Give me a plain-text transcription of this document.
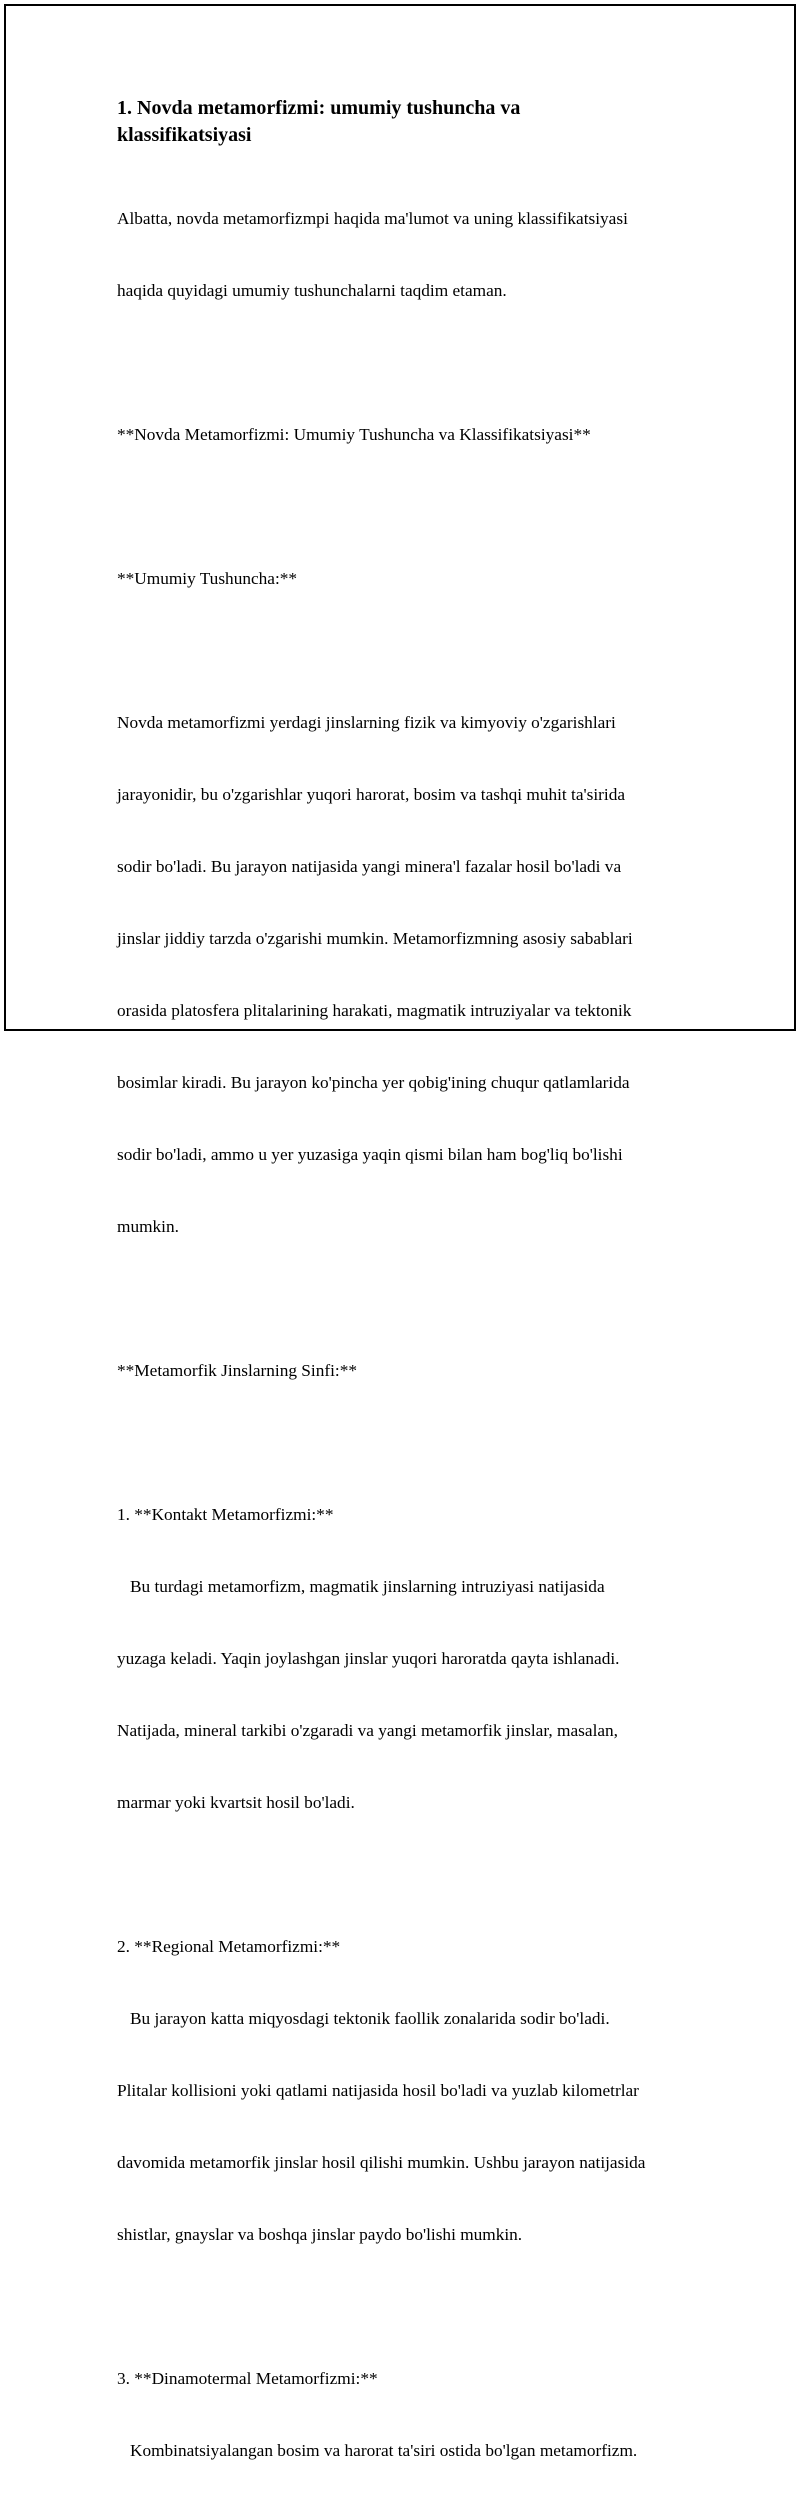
1. Novda metamorfizmi: umumiy tushuncha va
klassifikatsiyasi

Albatta, novda metamorfizmpi haqida ma'lumot va uning klassifikatsiyasi

haqida quyidagi umumiy tushunchalarni taqdim etaman.

**Novda Metamorfizmi: Umumiy Tushuncha va Klassifikatsiyasi**

**Umumiy Tushuncha:**

Novda metamorfizmi yerdagi jinslarning fizik va kimyoviy o'zgarishlari

jarayonidir, bu o'zgarishlar yuqori harorat, bosim va tashqi muhit ta'sirida

sodir bo'ladi. Bu jarayon natijasida yangi minera'l fazalar hosil bo'ladi va

jinslar jiddiy tarzda o'zgarishi mumkin. Metamorfizmning asosiy sabablari

orasida platosfera plitalarining harakati, magmatik intruziyalar va tektonik

bosimlar kiradi. Bu jarayon ko'pincha yer qobig'ining chuqur qatlamlarida

sodir bo'ladi, ammo u yer yuzasiga yaqin qismi bilan ham bog'liq bo'lishi

mumkin.

**Metamorfik Jinslarning Sinfi:**

1. **Kontakt Metamorfizmi:**

Bu turdagi metamorfizm, magmatik jinslarning intruziyasi natijasida

yuzaga keladi. Yaqin joylashgan jinslar yuqori haroratda qayta ishlanadi.

Natijada, mineral tarkibi o'zgaradi va yangi metamorfik jinslar, masalan,

marmar yoki kvartsit hosil bo'ladi.

2. **Regional Metamorfizmi:**

Bu jarayon katta miqyosdagi tektonik faollik zonalarida sodir bo'ladi.

Plitalar kollisioni yoki qatlami natijasida hosil bo'ladi va yuzlab kilometrlar

davomida metamorfik jinslar hosil qilishi mumkin. Ushbu jarayon natijasida

shistlar, gnayslar va boshqa jinslar paydo bo'lishi mumkin.

3. **Dinamotermal Metamorfizmi:**

Kombinatsiyalangan bosim va harorat ta'siri ostida bo'lgan metamorfizm.
